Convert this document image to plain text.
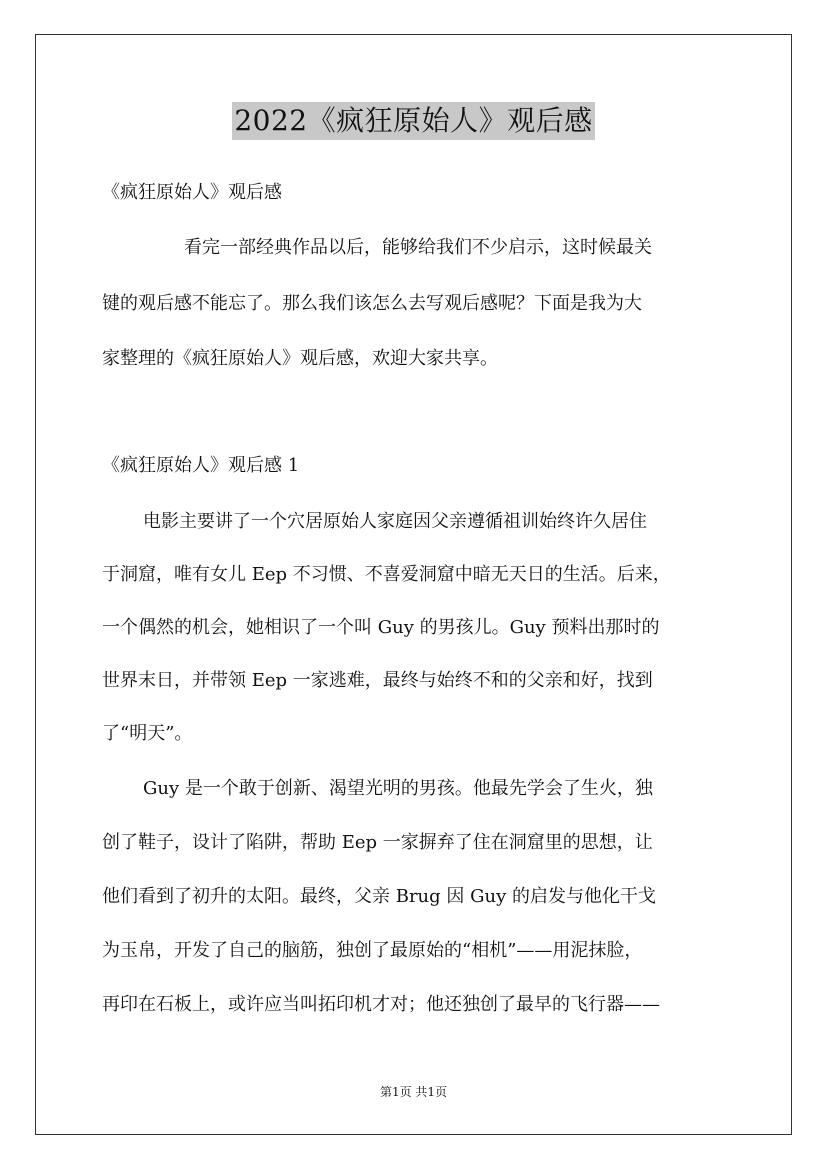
2022《疯狂原始人》观后感
《疯狂原始人》观后感
看完一部经典作品以后，能够给我们不少启示，这时候最关
键的观后感不能忘了。那么我们该怎么去写观后感呢？下面是我为大
家整理的《疯狂原始人》观后感，欢迎大家共享。
《疯狂原始人》观后感 1
电影主要讲了一个穴居原始人家庭因父亲遵循祖训始终许久居住
于洞窟，唯有女儿 Eep 不习惯、不喜爱洞窟中暗无天日的生活。后来，
一个偶然的机会，她相识了一个叫 Guy 的男孩儿。Guy 预料出那时的
世界末日，并带领 Eep 一家逃难，最终与始终不和的父亲和好，找到
了“明天”。
Guy 是一个敢于创新、渴望光明的男孩。他最先学会了生火，独
创了鞋子，设计了陷阱，帮助 Eep 一家摒弃了住在洞窟里的思想，让
他们看到了初升的太阳。最终，父亲 Brug 因 Guy 的启发与他化干戈
为玉帛，开发了自己的脑筋，独创了最原始的“相机”——用泥抹脸，
再印在石板上，或许应当叫拓印机才对；他还独创了最早的飞行器——
第1页 共1页
